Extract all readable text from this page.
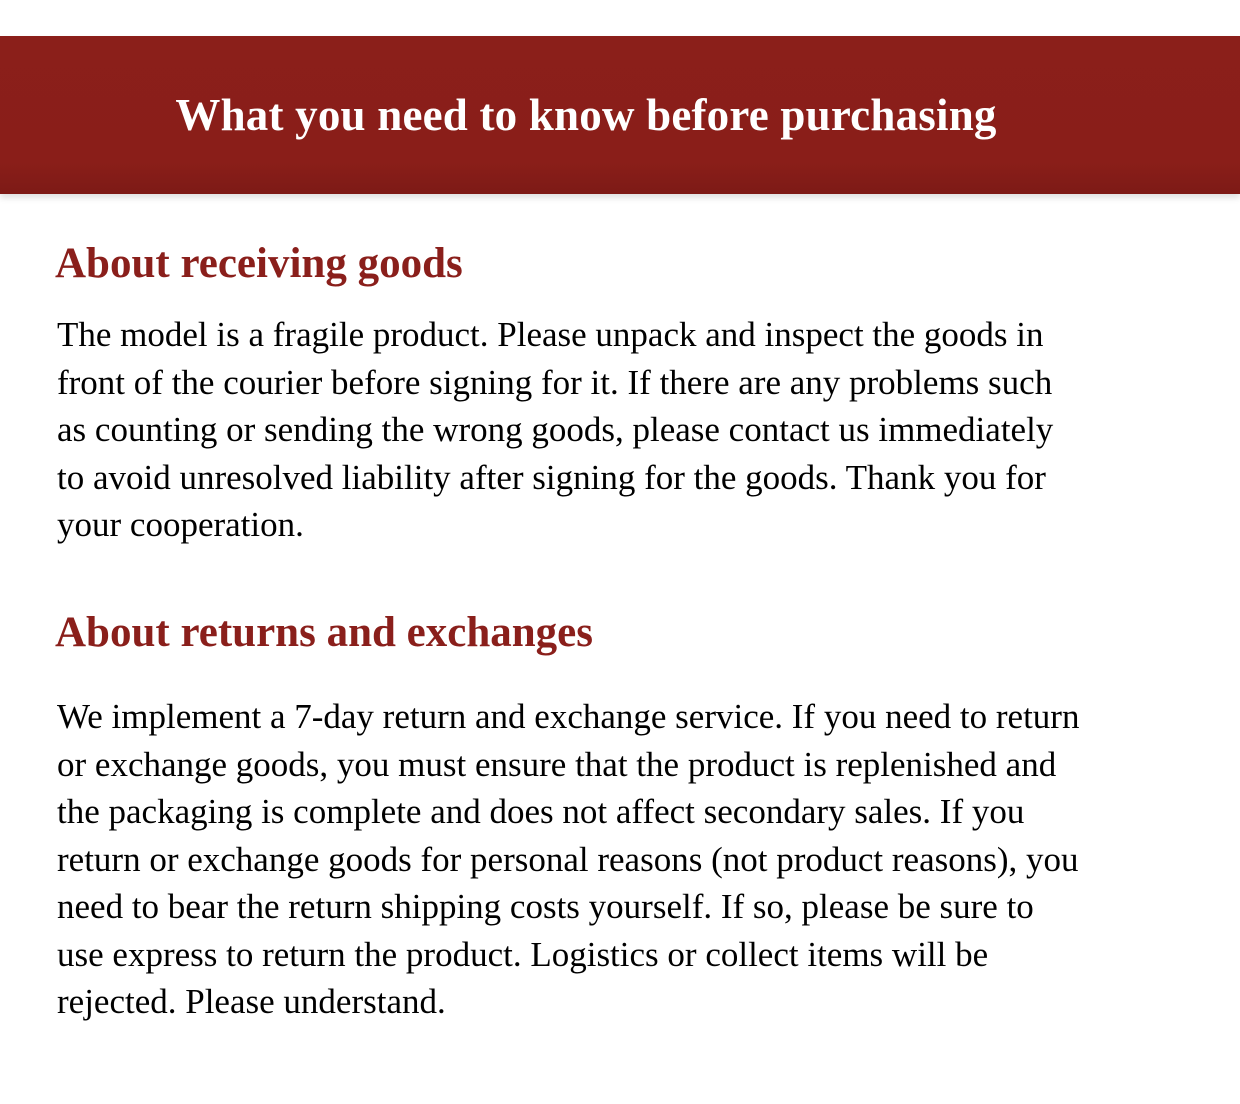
What you need to know before purchasing
About receiving goods

The model is a fragile product. Please unpack and inspect the goods in
front of the courier before signing for it. If there are any problems such
as counting or sending the wrong goods, please contact us immediately
to avoid unresolved liability after signing for the goods. Thank you for
your cooperation.

About returns and exchanges

We implement a 7-day return and exchange service. If you need to return
or exchange goods, you must ensure that the product is replenished and
the packaging is complete and does not affect secondary sales. If you
return or exchange goods for personal reasons (not product reasons), you
need to bear the return shipping costs yourself. If so, please be sure to
use express to return the product. Logistics or collect items will be
rejected. Please understand.
